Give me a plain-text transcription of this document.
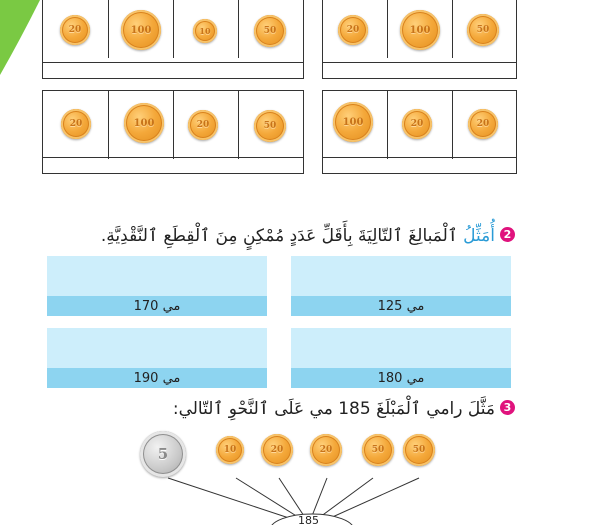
20	100	10	50	20	100	50
20	100	20	50	100	20	20
2
أُمَثِّلُ ٱلْمَبالِغَ ٱلتّالِيَةَ بِأَقَلِّ عَدَدٍ مُمْكِنٍ مِنَ ٱلْقِطَعِ ٱلنَّقْدِيَّةِ.
125 مي
170 مي
180 مي
190 مي
3
مَثَّلَ رامي ٱلْمَبْلَغَ 185 مي عَلَى ٱلنَّحْوِ ٱلتّالي:
5	10	20	20	50	50
185
